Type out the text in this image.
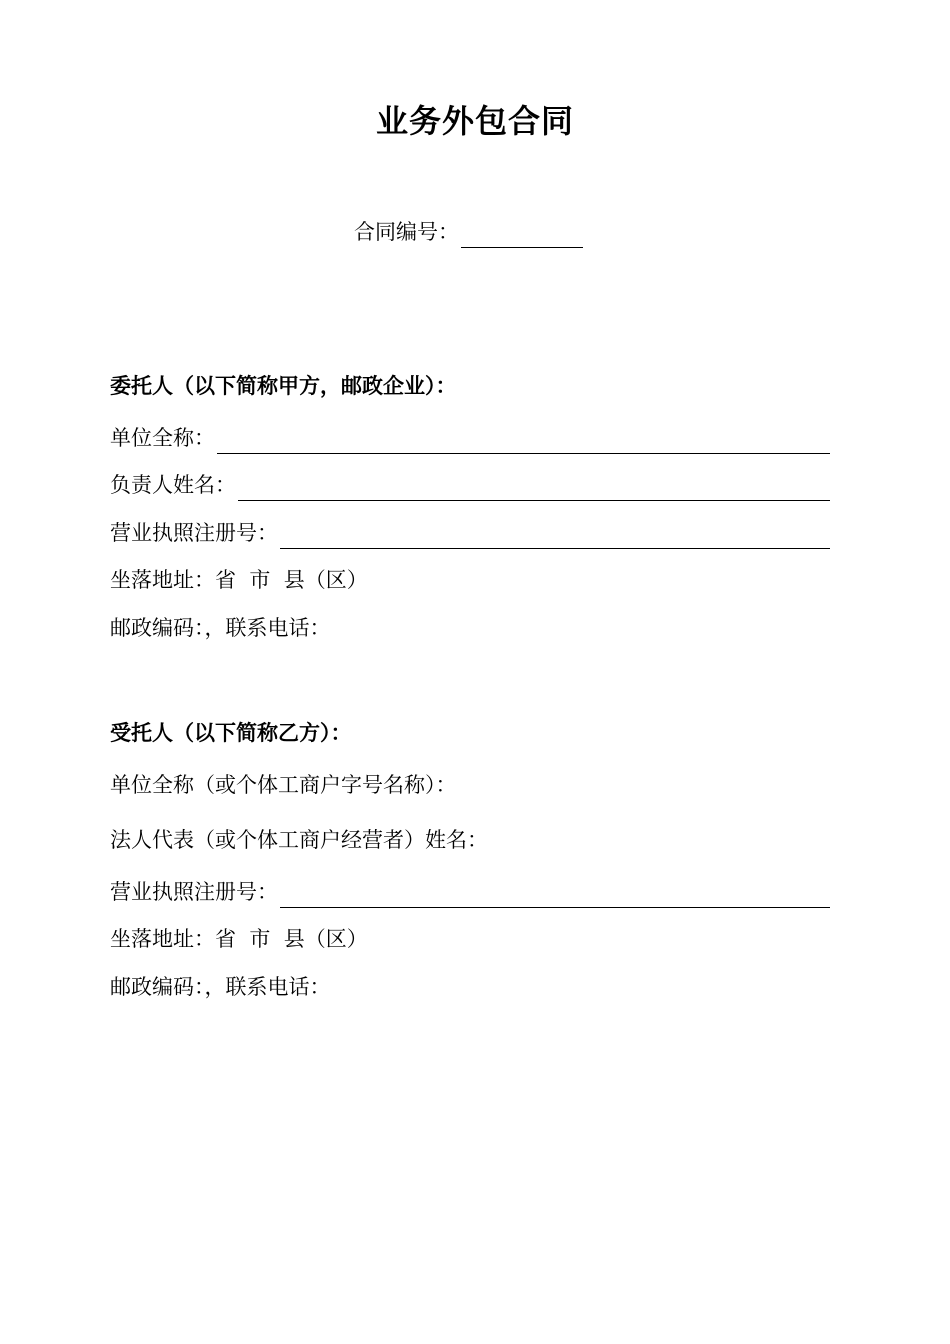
业务外包合同
合同编号：
委托人（以下简称甲方，邮政企业）：
单位全称：
负责人姓名：
营业执照注册号：
坐落地址：省  市  县（区）
邮政编码：，联系电话：
受托人（以下简称乙方）：
单位全称（或个体工商户字号名称）：
法人代表（或个体工商户经营者）姓名：
营业执照注册号：
坐落地址：省  市  县（区）
邮政编码：，联系电话：
